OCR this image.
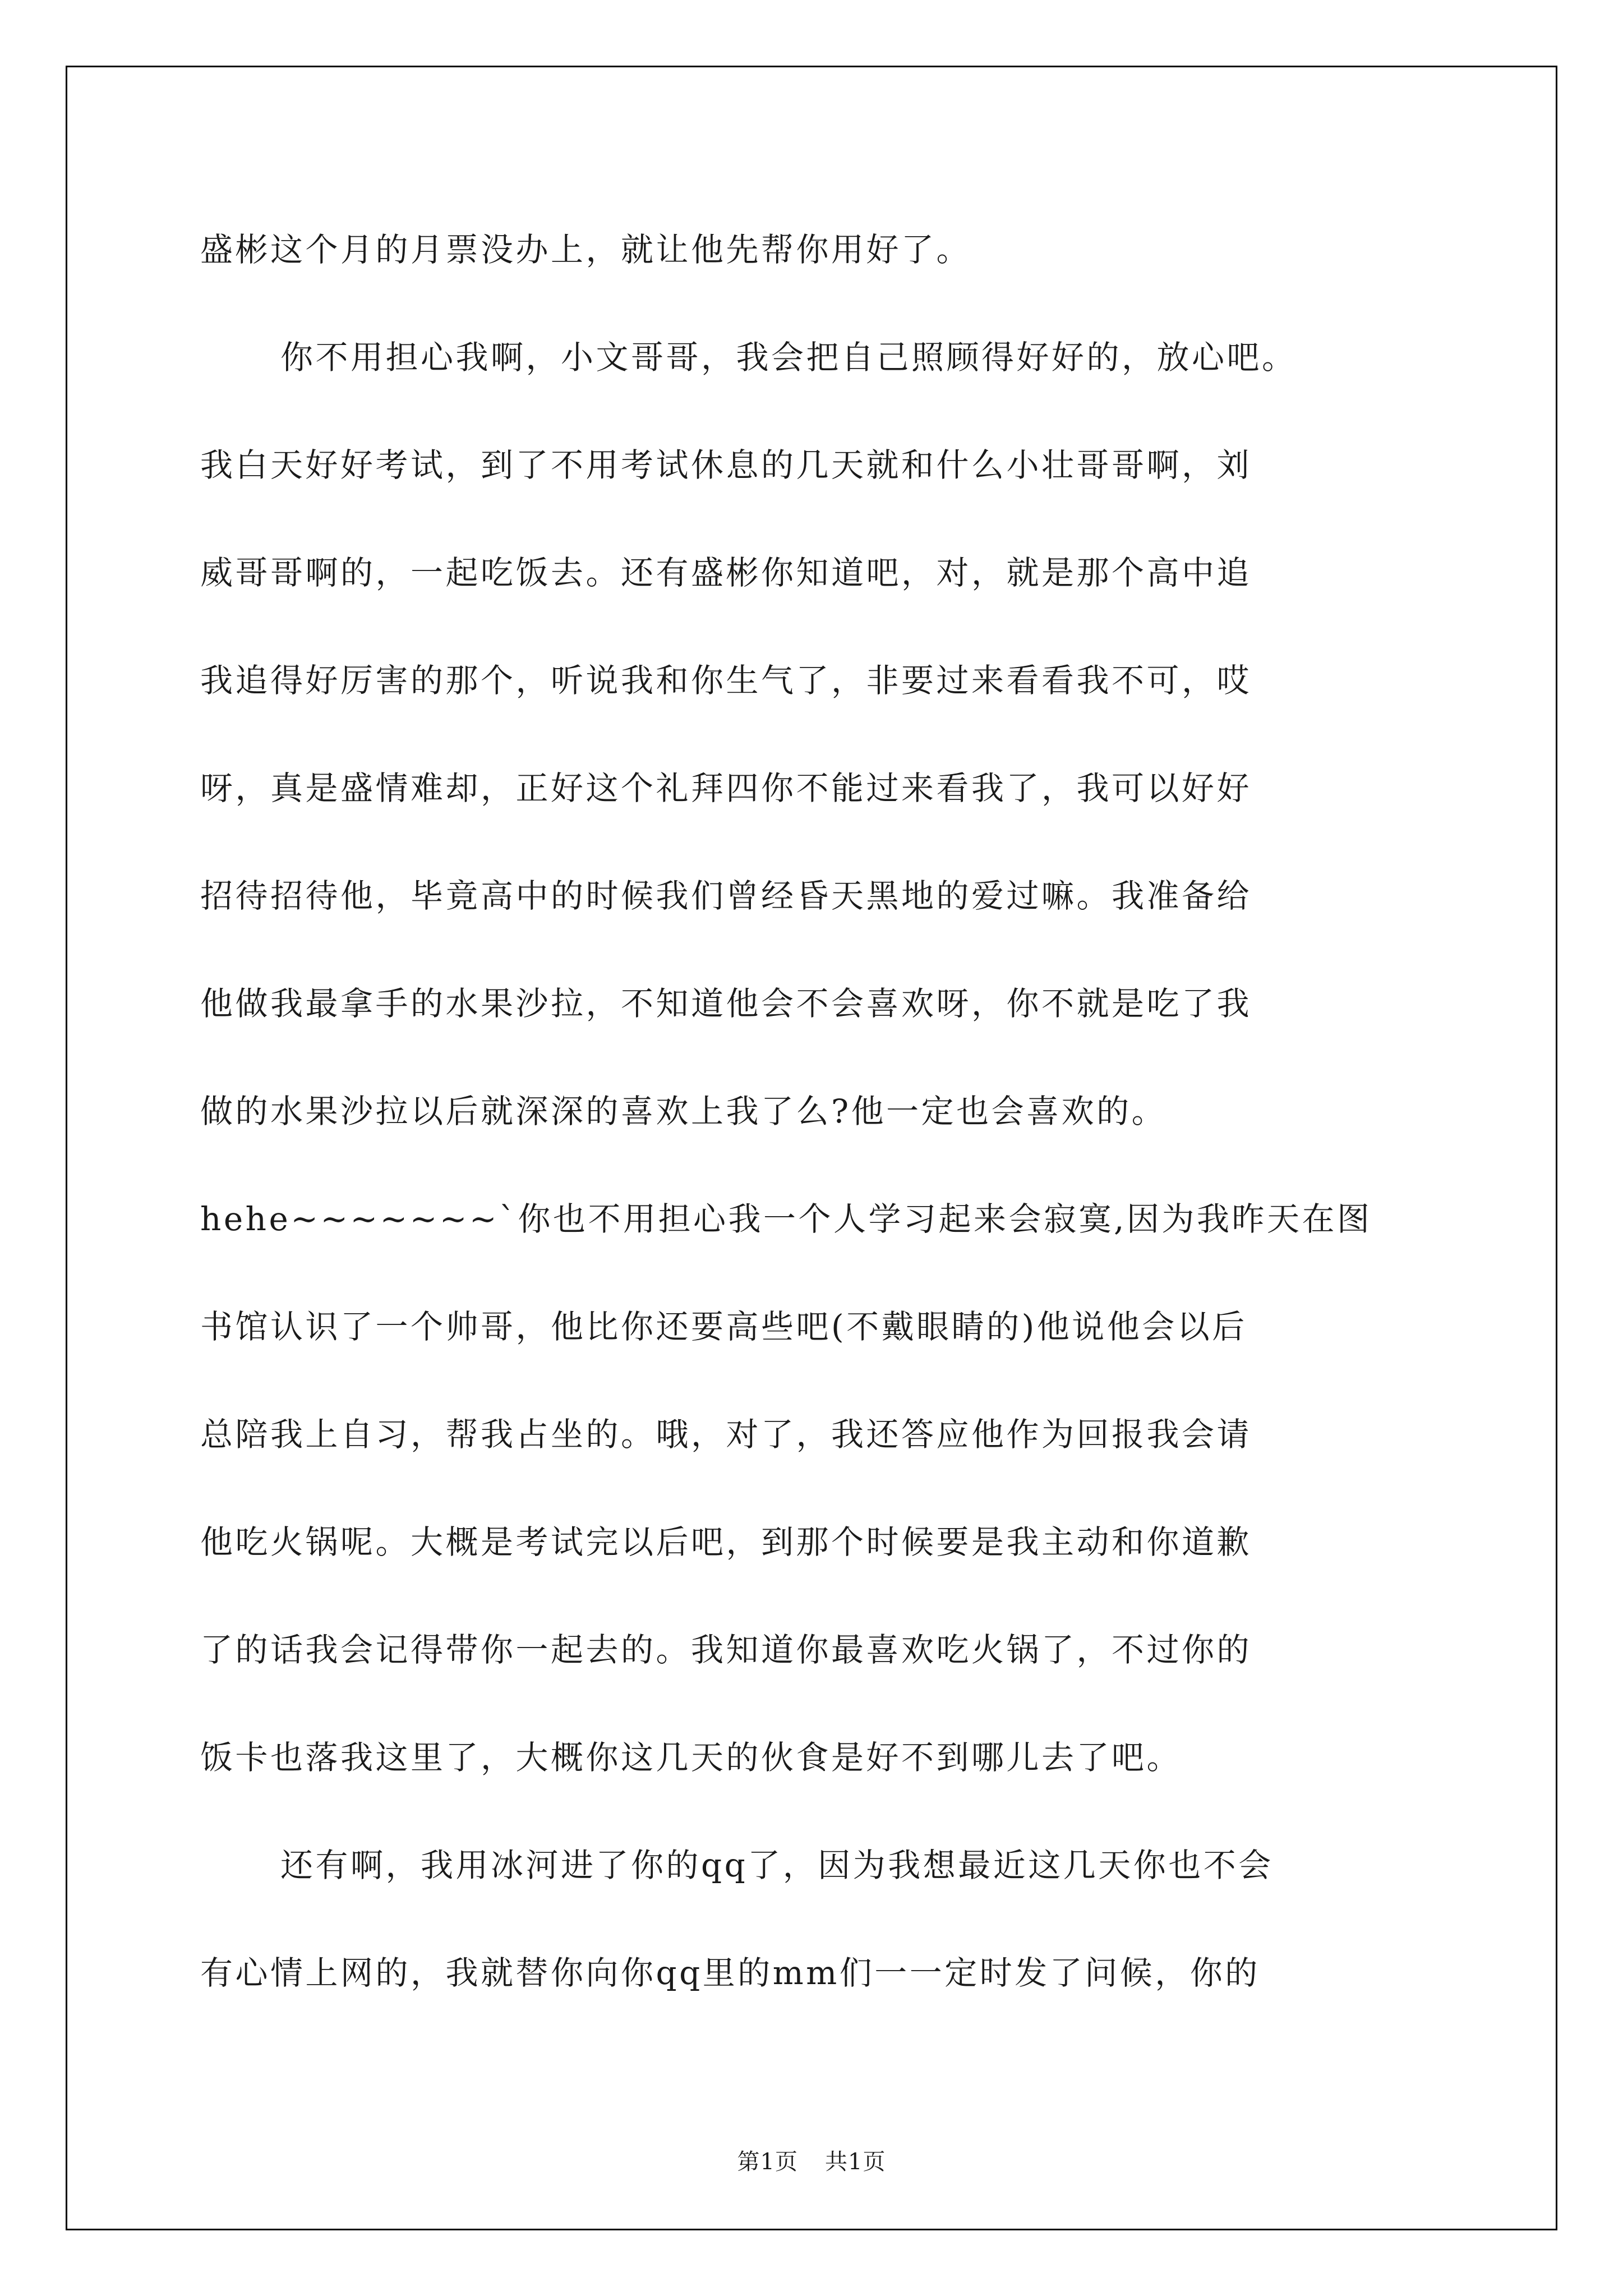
盛彬这个月的月票没办上，就让他先帮你用好了。
你不用担心我啊，小文哥哥，我会把自己照顾得好好的，放心吧。
我白天好好考试，到了不用考试休息的几天就和什么小壮哥哥啊，刘
威哥哥啊的，一起吃饭去。还有盛彬你知道吧，对，就是那个高中追
我追得好厉害的那个，听说我和你生气了，非要过来看看我不可，哎
呀，真是盛情难却，正好这个礼拜四你不能过来看我了，我可以好好
招待招待他，毕竟高中的时候我们曾经昏天黑地的爱过嘛。我准备给
他做我最拿手的水果沙拉，不知道他会不会喜欢呀，你不就是吃了我
做的水果沙拉以后就深深的喜欢上我了么?他一定也会喜欢的。
hehe~~~~~~~`你也不用担心我一个人学习起来会寂寞,因为我昨天在图
书馆认识了一个帅哥，他比你还要高些吧(不戴眼睛的)他说他会以后
总陪我上自习，帮我占坐的。哦，对了，我还答应他作为回报我会请
他吃火锅呢。大概是考试完以后吧，到那个时候要是我主动和你道歉
了的话我会记得带你一起去的。我知道你最喜欢吃火锅了，不过你的
饭卡也落我这里了，大概你这几天的伙食是好不到哪儿去了吧。
还有啊，我用冰河进了你的qq了，因为我想最近这几天你也不会
有心情上网的，我就替你向你qq里的mm们一一定时发了问候，你的
第1页 共1页
